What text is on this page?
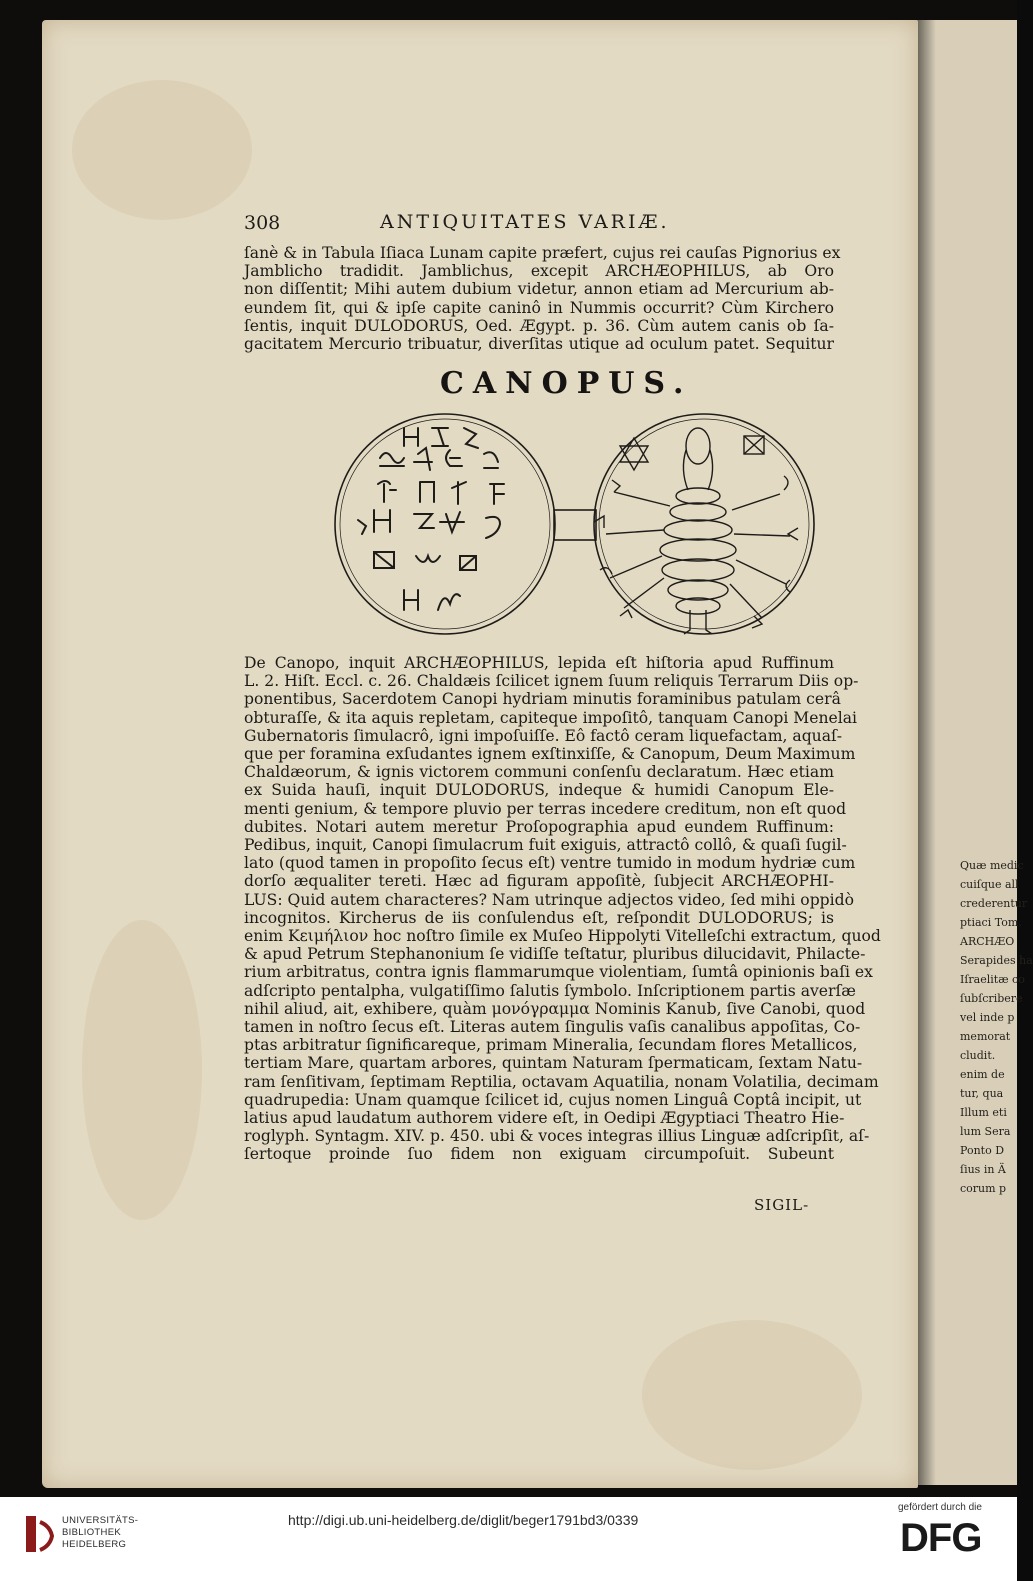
308	ANTIQUITATES VARIÆ.
ſanè & in Tabula Iſiaca Lunam capite præfert, cujus rei cauſas Pignorius ex
Jamblicho tradidit. Jamblichus, excepit ARCHÆOPHILUS, ab Oro
non diſſentit; Mihi autem dubium videtur, annon etiam ad Mercurium ab-
eundem ſit, qui & ipſe capite caninô in Nummis occurrit? Cùm Kirchero
ſentis, inquit DULODORUS, Oed. Ægypt. p. 36. Cùm autem canis ob ſa-
gacitatem Mercurio tribuatur, diverſitas utique ad oculum patet. Sequitur
CANOPUS.
De Canopo, inquit ARCHÆOPHILUS, lepida eſt hiſtoria apud Ruffinum
L. 2. Hiſt. Eccl. c. 26. Chaldæis ſcilicet ignem ſuum reliquis Terrarum Diis op-
ponentibus, Sacerdotem Canopi hydriam minutis foraminibus patulam cerâ
obturaſſe, & ita aquis repletam, capiteque impoſitô, tanquam Canopi Menelai
Gubernatoris ſimulacrô, igni impoſuiſſe. Eô factô ceram liquefactam, aquaſ-
que per foramina exſudantes ignem exſtinxiſſe, & Canopum, Deum Maximum
Chaldæorum, & ignis victorem communi conſenſu declaratum. Hæc etiam
ex Suida hauſi, inquit DULODORUS, indeque & humidi Canopum Ele-
menti genium, & tempore pluvio per terras incedere creditum, non eſt quod
dubites. Notari autem meretur Proſopographia apud eundem Ruffinum:
Pedibus, inquit, Canopi ſimulacrum fuit exiguis, attractô collô, & quaſi ſugil-
lato (quod tamen in propoſito ſecus eſt) ventre tumido in modum hydriæ cum
dorſo æqualiter tereti. Hæc ad figuram appoſitè, ſubjecit ARCHÆOPHI-
LUS: Quid autem characteres? Nam utrinque adjectos video, ſed mihi oppidò
incognitos. Kircherus de iis conſulendus eſt, reſpondit DULODORUS; is
enim Κειμήλιον hoc noſtro ſimile ex Muſeo Hippolyti Vitelleſchi extractum, quod
& apud Petrum Stephanonium ſe vidiſſe teſtatur, pluribus dilucidavit, Philacte-
rium arbitratus, contra ignis flammarumque violentiam, ſumtâ opinionis baſi ex
adſcripto pentalpha, vulgatiſſimo ſalutis ſymbolo. Inſcriptionem partis averſæ
nihil aliud, ait, exhibere, quàm μονόγραμμα Nominis Kanub, ſive Canobi, quod
tamen in noſtro ſecus eſt. Literas autem ſingulis vaſis canalibus appoſitas, Co-
ptas arbitratur ſignificareque, primam Mineralia, ſecundam flores Metallicos,
tertiam Mare, quartam arbores, quintam Naturam ſpermaticam, ſextam Natu-
ram ſenſitivam, ſeptimam Reptilia, octavam Aquatilia, nonam Volatilia, decimam
quadrupedia: Unam quamque ſcilicet id, cujus nomen Linguâ Coptâ incipit, ut
latius apud laudatum authorem videre eſt, in Oedipi Ægyptiaci Theatro Hie-
roglyph. Syntagm. XIV. p. 450. ubi & voces integras illius Linguæ adſcripſit, aſ-
ſertoque proinde ſuo fidem non exiguam circumpoſuit. Subeunt
SIGIL-
Quæ medic
cuiſque all
crederentur
ptiaci Tom.
ARCHÆO
Serapides ha
Iſraelitæ co
ſubſcribere
vel inde p
memorat
cludit.
enim de
tur, qua
Illum eti
lum Sera
Ponto D
ſius in Ä
corum p
UNIVERSITÄTS-
BIBLIOTHEK
HEIDELBERG
http://digi.ub.uni-heidelberg.de/diglit/beger1791bd3/0339
gefördert durch die
DFG
